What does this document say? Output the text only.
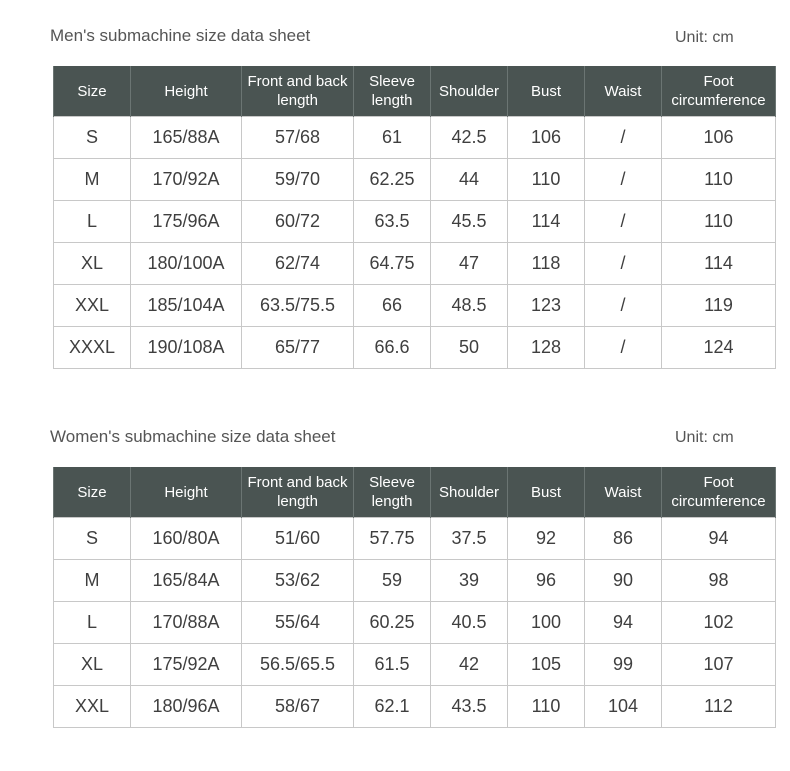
Men's submachine size data sheet	Unit: cm
Size	Height	Front and back length	Sleeve length	Shoulder	Bust	Waist	Foot circumference
S	165/88A	57/68	61	42.5	106	/	106
M	170/92A	59/70	62.25	44	110	/	110
L	175/96A	60/72	63.5	45.5	114	/	110
XL	180/100A	62/74	64.75	47	118	/	114
XXL	185/104A	63.5/75.5	66	48.5	123	/	119
XXXL	190/108A	65/77	66.6	50	128	/	124
Women's submachine size data sheet	Unit: cm
Size	Height	Front and back length	Sleeve length	Shoulder	Bust	Waist	Foot circumference
S	160/80A	51/60	57.75	37.5	92	86	94
M	165/84A	53/62	59	39	96	90	98
L	170/88A	55/64	60.25	40.5	100	94	102
XL	175/92A	56.5/65.5	61.5	42	105	99	107
XXL	180/96A	58/67	62.1	43.5	110	104	112
